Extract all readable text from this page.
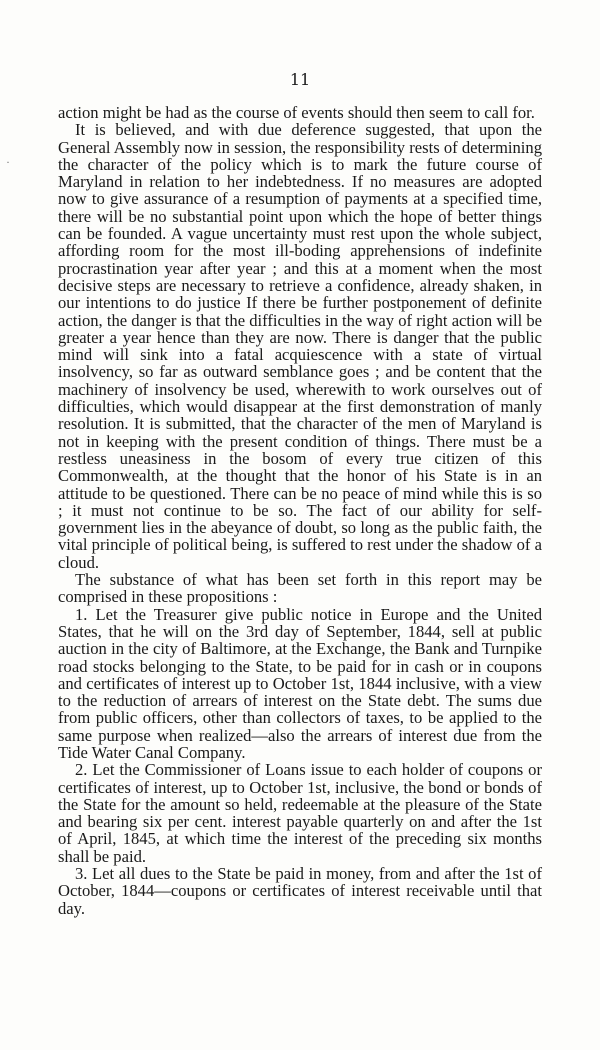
11

action might be had as the course of events should then seem to call for.

It is believed, and with due deference suggested, that upon the General Assembly now in session, the responsibility rests of determining the character of the policy which is to mark the future course of Maryland in relation to her indebtedness. If no measures are adopted now to give assurance of a resumption of payments at a specified time, there will be no substantial point upon which the hope of better things can be founded. A vague uncertainty must rest upon the whole subject, affording room for the most ill-boding apprehensions of indefinite procrastination year after year ; and this at a moment when the most decisive steps are necessary to retrieve a confidence, already shaken, in our intentions to do justice If there be further postponement of definite action, the danger is that the difficulties in the way of right action will be greater a year hence than they are now. There is danger that the public mind will sink into a fatal acquiescence with a state of virtual insolvency, so far as outward semblance goes ; and be content that the machinery of insolvency be used, wherewith to work ourselves out of difficulties, which would disappear at the first demonstration of manly resolution. It is submitted, that the character of the men of Maryland is not in keeping with the present condition of things. There must be a restless uneasiness in the bosom of every true citizen of this Commonwealth, at the thought that the honor of his State is in an attitude to be questioned. There can be no peace of mind while this is so ; it must not continue to be so. The fact of our ability for self-government lies in the abeyance of doubt, so long as the public faith, the vital principle of political being, is suffered to rest under the shadow of a cloud.

The substance of what has been set forth in this report may be comprised in these propositions :

1. Let the Treasurer give public notice in Europe and the United States, that he will on the 3rd day of September, 1844, sell at public auction in the city of Baltimore, at the Exchange, the Bank and Turnpike road stocks belonging to the State, to be paid for in cash or in coupons and certificates of interest up to October 1st, 1844 inclusive, with a view to the reduction of arrears of interest on the State debt. The sums due from public officers, other than collectors of taxes, to be applied to the same purpose when realized—also the arrears of interest due from the Tide Water Canal Company.

2. Let the Commissioner of Loans issue to each holder of coupons or certificates of interest, up to October 1st, inclusive, the bond or bonds of the State for the amount so held, redeemable at the pleasure of the State and bearing six per cent. interest payable quarterly on and after the 1st of April, 1845, at which time the interest of the preceding six months shall be paid.

3. Let all dues to the State be paid in money, from and after the 1st of October, 1844—coupons or certificates of interest receivable until that day.

·
